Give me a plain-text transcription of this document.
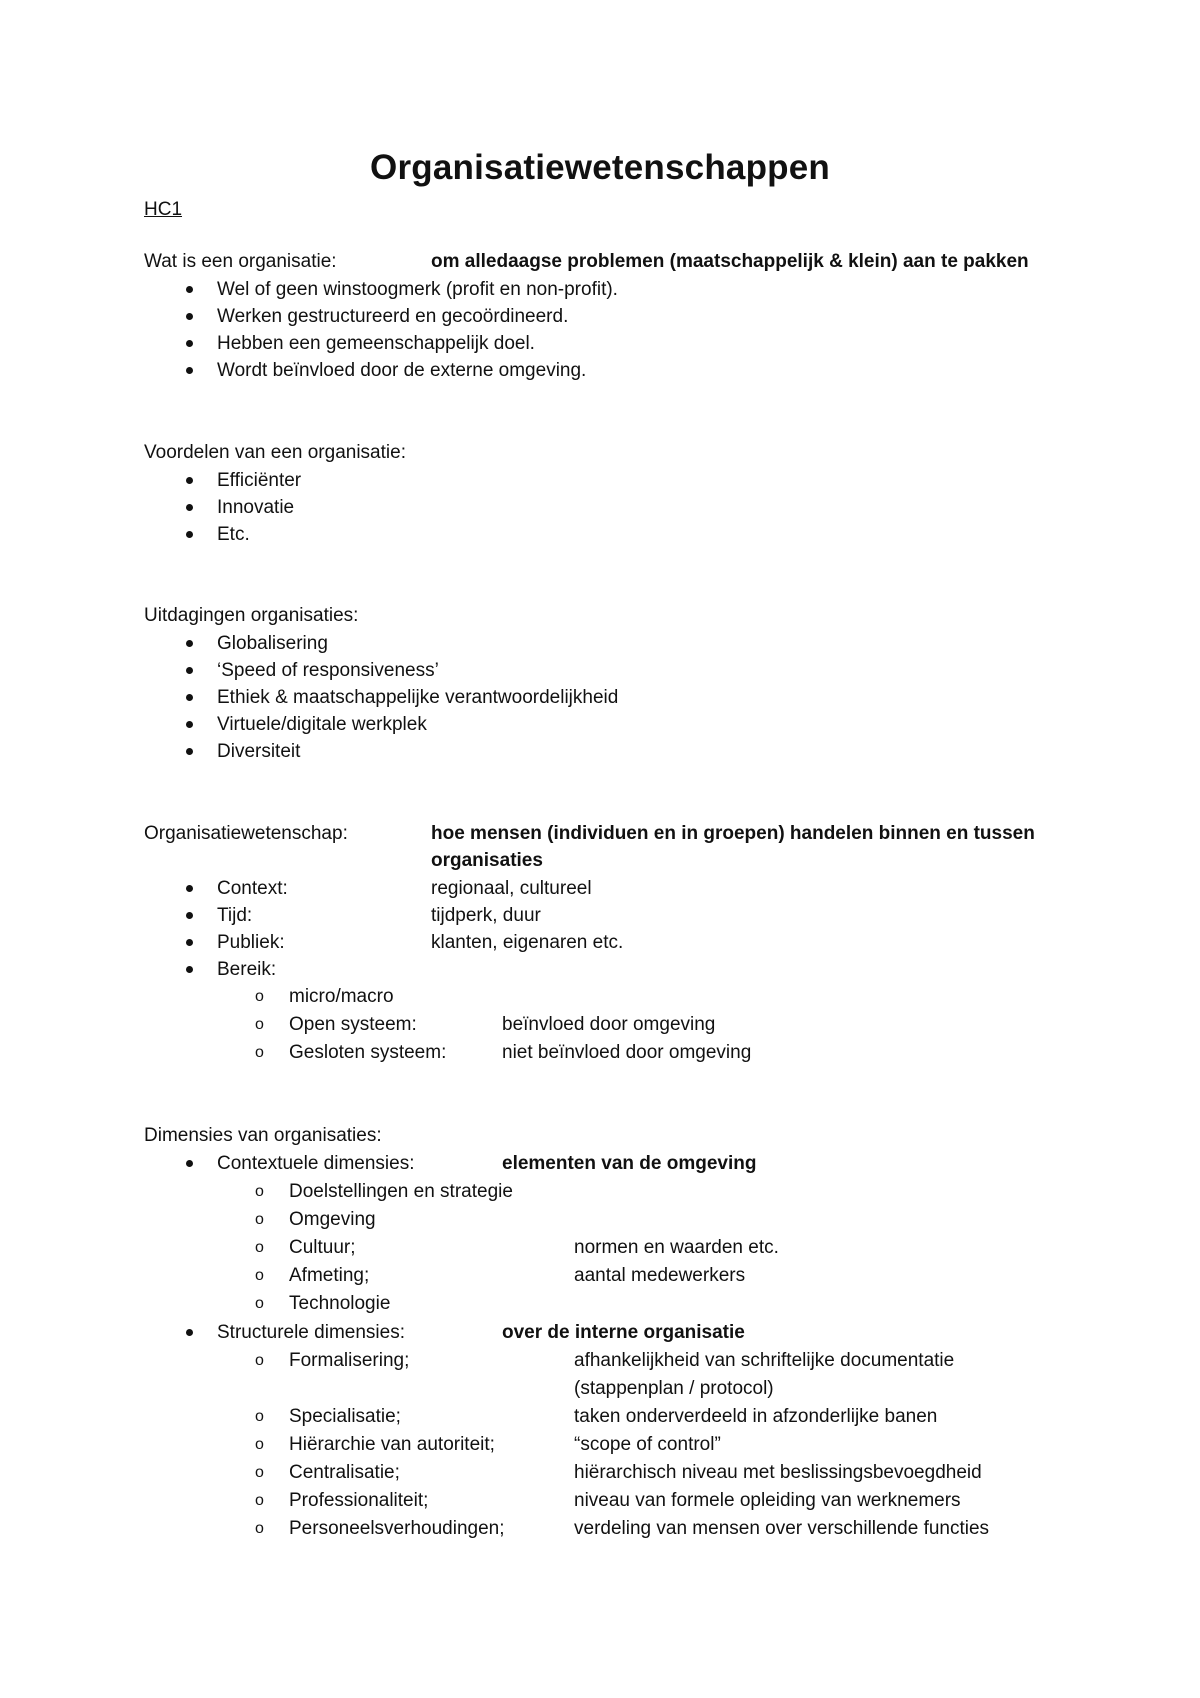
Organisatiewetenschappen
HC1
Wat is een organisatie:	om alledaagse problemen (maatschappelijk & klein) aan te pakken
Wel of geen winstoogmerk (profit en non-profit).
Werken gestructureerd en gecoördineerd.
Hebben een gemeenschappelijk doel.
Wordt beïnvloed door de externe omgeving.
Voordelen van een organisatie:
Efficiënter
Innovatie
Etc.
Uitdagingen organisaties:
Globalisering
‘Speed of responsiveness’
Ethiek & maatschappelijke verantwoordelijkheid
Virtuele/digitale werkplek
Diversiteit
Organisatiewetenschap:	hoe mensen (individuen en in groepen) handelen binnen en tussen
organisaties
Context:	regionaal, cultureel
Tijd:	tijdperk, duur
Publiek:	klanten, eigenaren etc.
Bereik:
o micro/macro
o Open systeem:	beïnvloed door omgeving
o Gesloten systeem:	niet beïnvloed door omgeving
Dimensies van organisaties:
Contextuele dimensies:	elementen van de omgeving
o Doelstellingen en strategie
o Omgeving
o Cultuur;	normen en waarden etc.
o Afmeting;	aantal medewerkers
o Technologie
Structurele dimensies:	over de interne organisatie
o Formalisering;	afhankelijkheid van schriftelijke documentatie
(stappenplan / protocol)
o Specialisatie;	taken onderverdeeld in afzonderlijke banen
o Hiërarchie van autoriteit;	“scope of control”
o Centralisatie;	hiërarchisch niveau met beslissingsbevoegdheid
o Professionaliteit;	niveau van formele opleiding van werknemers
o Personeelsverhoudingen;	verdeling van mensen over verschillende functies
